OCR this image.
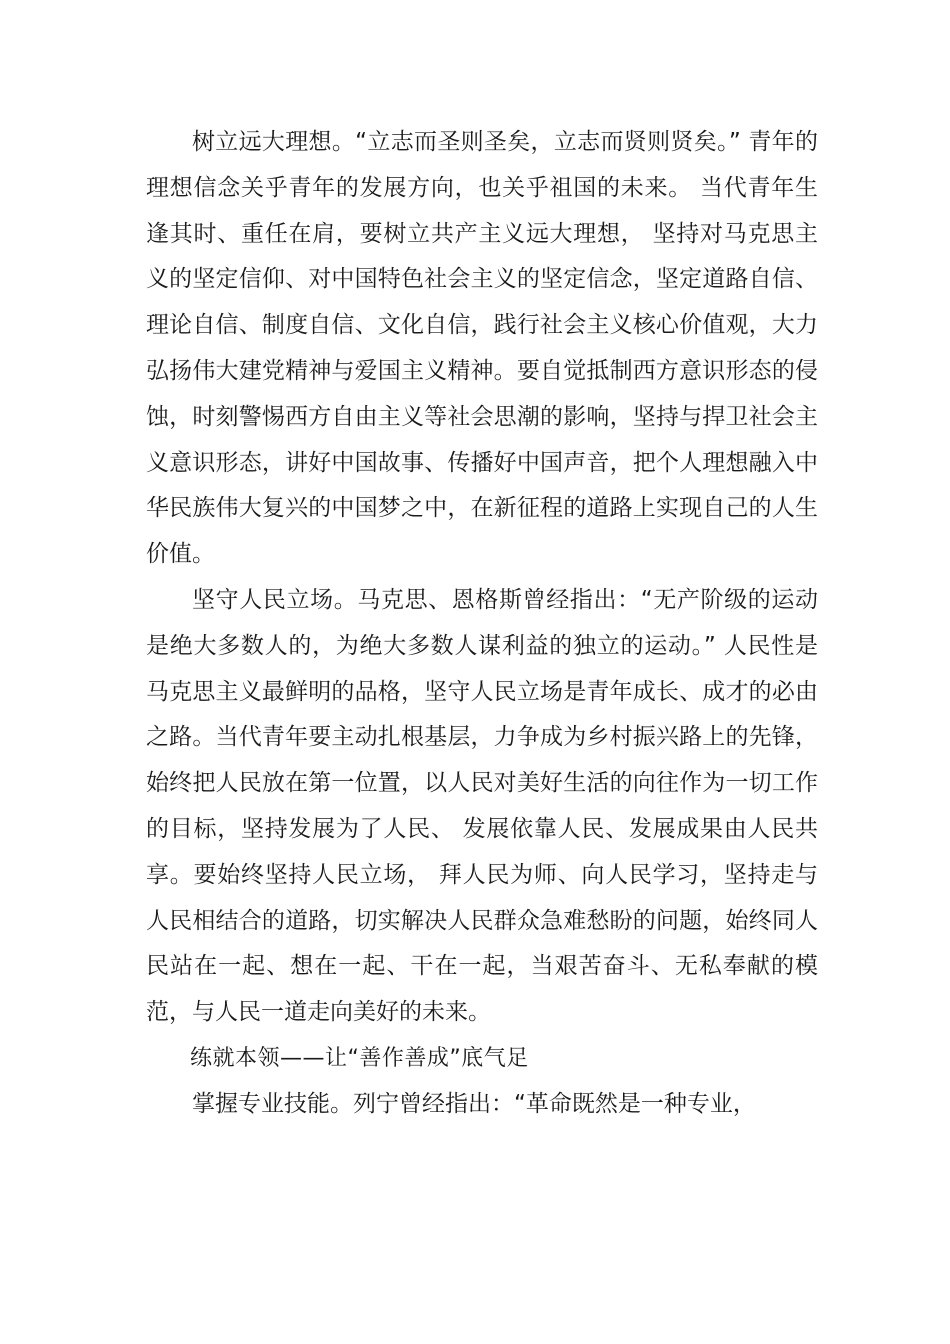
树立远大理想。“立志而圣则圣矣，立志而贤则贤矣。” 青年的理想信念关乎青年的发展方向，也关乎祖国的未来。 当代青年生逢其时、重任在肩，要树立共产主义远大理想， 坚持对马克思主义的坚定信仰、对中国特色社会主义的坚定信念，坚定道路自信、理论自信、制度自信、文化自信，践行社会主义核心价值观，大力弘扬伟大建党精神与爱国主义精神。要自觉抵制西方意识形态的侵蚀，时刻警惕西方自由主义等社会思潮的影响，坚持与捍卫社会主义意识形态，讲好中国故事、传播好中国声音，把个人理想融入中华民族伟大复兴的中国梦之中，在新征程的道路上实现自己的人生价值。

坚守人民立场。马克思、恩格斯曾经指出：“无产阶级的运动是绝大多数人的，为绝大多数人谋利益的独立的运动。” 人民性是马克思主义最鲜明的品格，坚守人民立场是青年成长、成才的必由之路。当代青年要主动扎根基层，力争成为乡村振兴路上的先锋，始终把人民放在第一位置，以人民对美好生活的向往作为一切工作的目标，坚持发展为了人民、 发展依靠人民、发展成果由人民共享。要始终坚持人民立场， 拜人民为师、向人民学习，坚持走与人民相结合的道路，切实解决人民群众急难愁盼的问题，始终同人民站在一起、想在一起、干在一起，当艰苦奋斗、无私奉献的模范，与人民一道走向美好的未来。

练就本领——让“善作善成”底气足

掌握专业技能。列宁曾经指出：“革命既然是一种专业，
